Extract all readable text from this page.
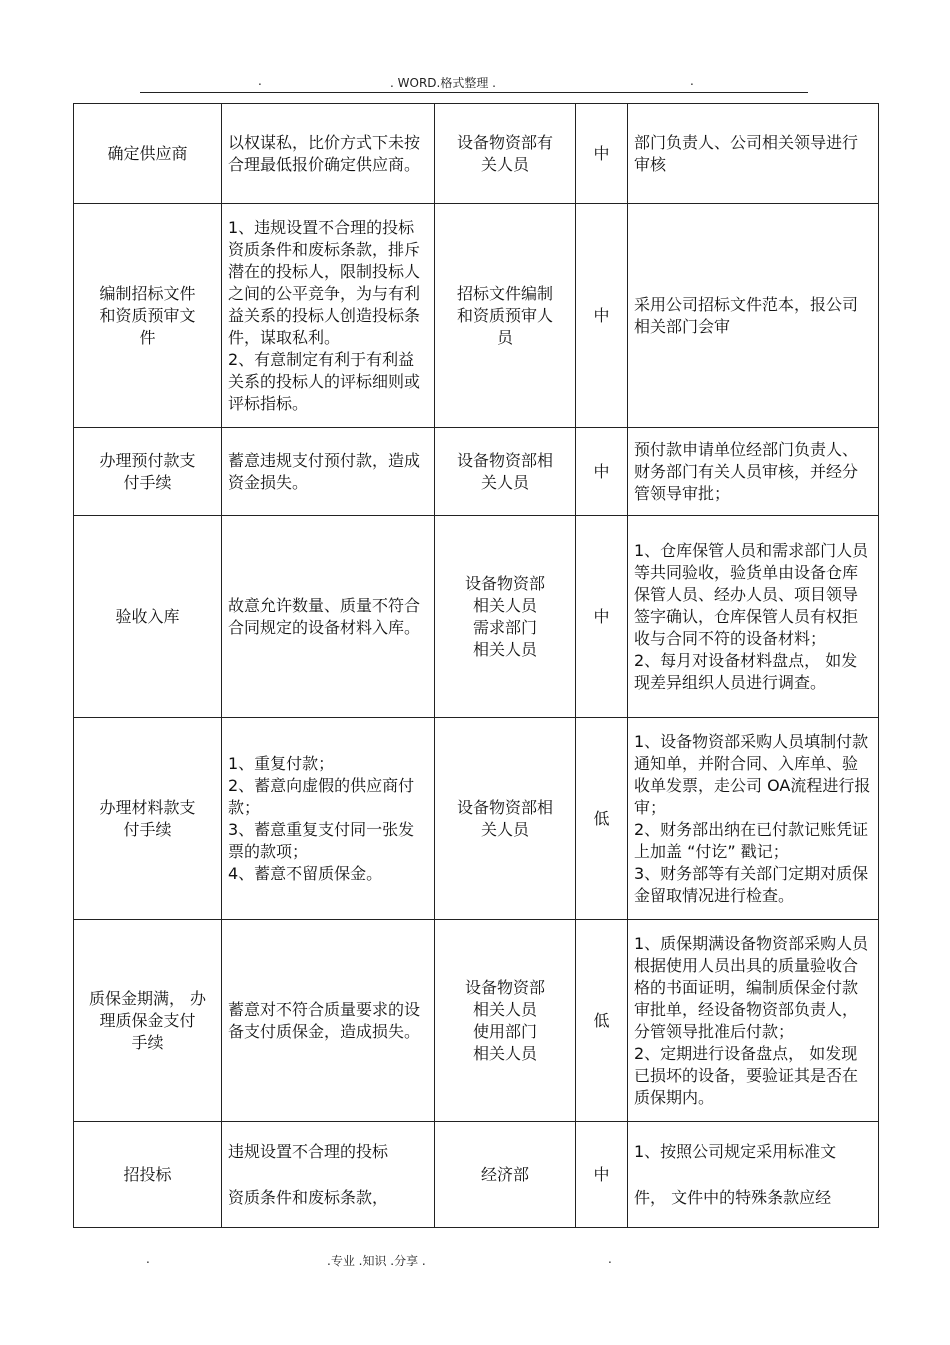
.	. WORD.格式整理 .	.
确定供应商	以权谋私，比价方式下未按合理最低报价确定供应商。	设备物资部有
关人员	中	部门负责人、公司相关领导进行审核

编制招标文件
和资质预审文
件	1、违规设置不合理的投标资质条件和废标条款，排斥潜在的投标人，限制投标人之间的公平竞争，为与有利益关系的投标人创造投标条件，谋取私利。
2、有意制定有利于有利益关系的投标人的评标细则或评标指标。	招标文件编制
和资质预审人
员	中	采用公司招标文件范本，报公司相关部门会审

办理预付款支
付手续	蓄意违规支付预付款，造成资金损失。	设备物资部相
关人员	中	预付款申请单位经部门负责人、财务部门有关人员审核，并经分管领导审批；

验收入库	故意允许数量、质量不符合合同规定的设备材料入库。	设备物资部
相关人员
需求部门
相关人员	中	1、仓库保管人员和需求部门人员等共同验收，验货单由设备仓库保管人员、经办人员、项目领导签字确认，仓库保管人员有权拒收与合同不符的设备材料；
2、每月对设备材料盘点， 如发现差异组织人员进行调查。

办理材料款支
付手续	1、重复付款；
2、蓄意向虚假的供应商付款；
3、蓄意重复支付同一张发票的款项；
4、蓄意不留质保金。	设备物资部相
关人员	低	1、设备物资部采购人员填制付款通知单，并附合同、入库单、验收单发票，走公司 OA流程进行报审；
2、财务部出纳在已付款记账凭证上加盖 “付讫” 戳记；
3、财务部等有关部门定期对质保金留取情况进行检查。

质保金期满， 办
理质保金支付
手续	蓄意对不符合质量要求的设备支付质保金，造成损失。	设备物资部
相关人员
使用部门
相关人员	低	1、质保期满设备物资部采购人员根据使用人员出具的质量验收合格的书面证明，编制质保金付款审批单，经设备物资部负责人，分管领导批准后付款；
2、定期进行设备盘点， 如发现已损坏的设备，要验证其是否在质保期内。

招投标	违规设置不合理的投标
资质条件和废标条款，	经济部	中	1、按照公司规定采用标准文
件， 文件中的特殊条款应经
.	.专业 .知识 .分享 .	.
